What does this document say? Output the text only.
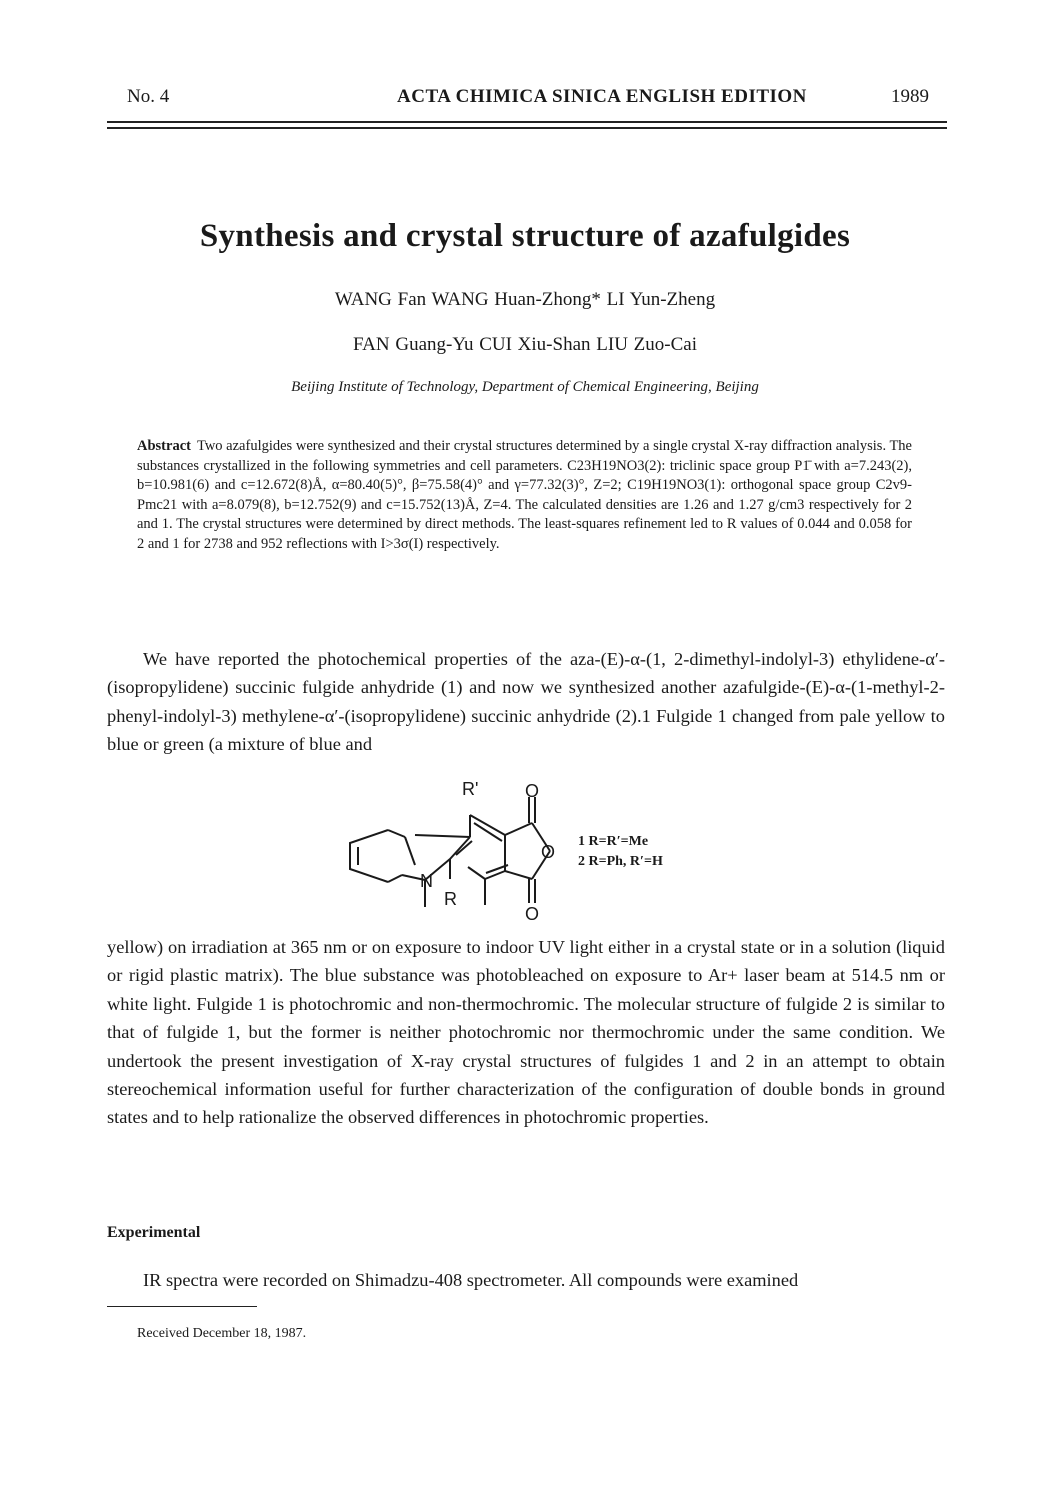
No. 4	ACTA CHIMICA SINICA ENGLISH EDITION	1989
Synthesis and crystal structure of azafulgides
WANG Fan WANG Huan-Zhong* LI Yun-Zheng
FAN Guang-Yu CUI Xiu-Shan LIU Zuo-Cai
Beijing Institute of Technology, Department of Chemical Engineering, Beijing
Abstract Two azafulgides were synthesized and their crystal structures determined by a single crystal X-ray diffraction analysis. The substances crystallized in the following symmetries and cell parameters. C23H19NO3(2): triclinic space group P1̄ with a=7.243(2), b=10.981(6) and c=12.672(8)Å, α=80.40(5)°, β=75.58(4)° and γ=77.32(3)°, Z=2; C19H19NO3(1): orthogonal space group C2v9-Pmc21 with a=8.079(8), b=12.752(9) and c=15.752(13)Å, Z=4. The calculated densities are 1.26 and 1.27 g/cm3 respectively for 2 and 1. The crystal structures were determined by direct methods. The least-squares refinement led to R values of 0.044 and 0.058 for 2 and 1 for 2738 and 952 reflections with I>3σ(I) respectively.
We have reported the photochemical properties of the aza-(E)-α-(1, 2-dimethyl-indolyl-3) ethylidene-α′-(isopropylidene) succinic fulgide anhydride (1) and now we synthesized another azafulgide-(E)-α-(1-methyl-2-phenyl-indolyl-3) methylene-α′-(isopropylidene) succinic anhydride (2).1 Fulgide 1 changed from pale yellow to blue or green (a mixture of blue and
R'
N
R
O
O
O
1 R=R′=Me
2 R=Ph, R′=H
yellow) on irradiation at 365 nm or on exposure to indoor UV light either in a crystal state or in a solution (liquid or rigid plastic matrix). The blue substance was photobleached on exposure to Ar+ laser beam at 514.5 nm or white light. Fulgide 1 is photochromic and non-thermochromic. The molecular structure of fulgide 2 is similar to that of fulgide 1, but the former is neither photochromic nor thermochromic under the same condition. We undertook the present investigation of X-ray crystal structures of fulgides 1 and 2 in an attempt to obtain stereochemical information useful for further characterization of the configuration of double bonds in ground states and to help rationalize the observed differences in photochromic properties.
Experimental
IR spectra were recorded on Shimadzu-408 spectrometer. All compounds were examined
Received December 18, 1987.
